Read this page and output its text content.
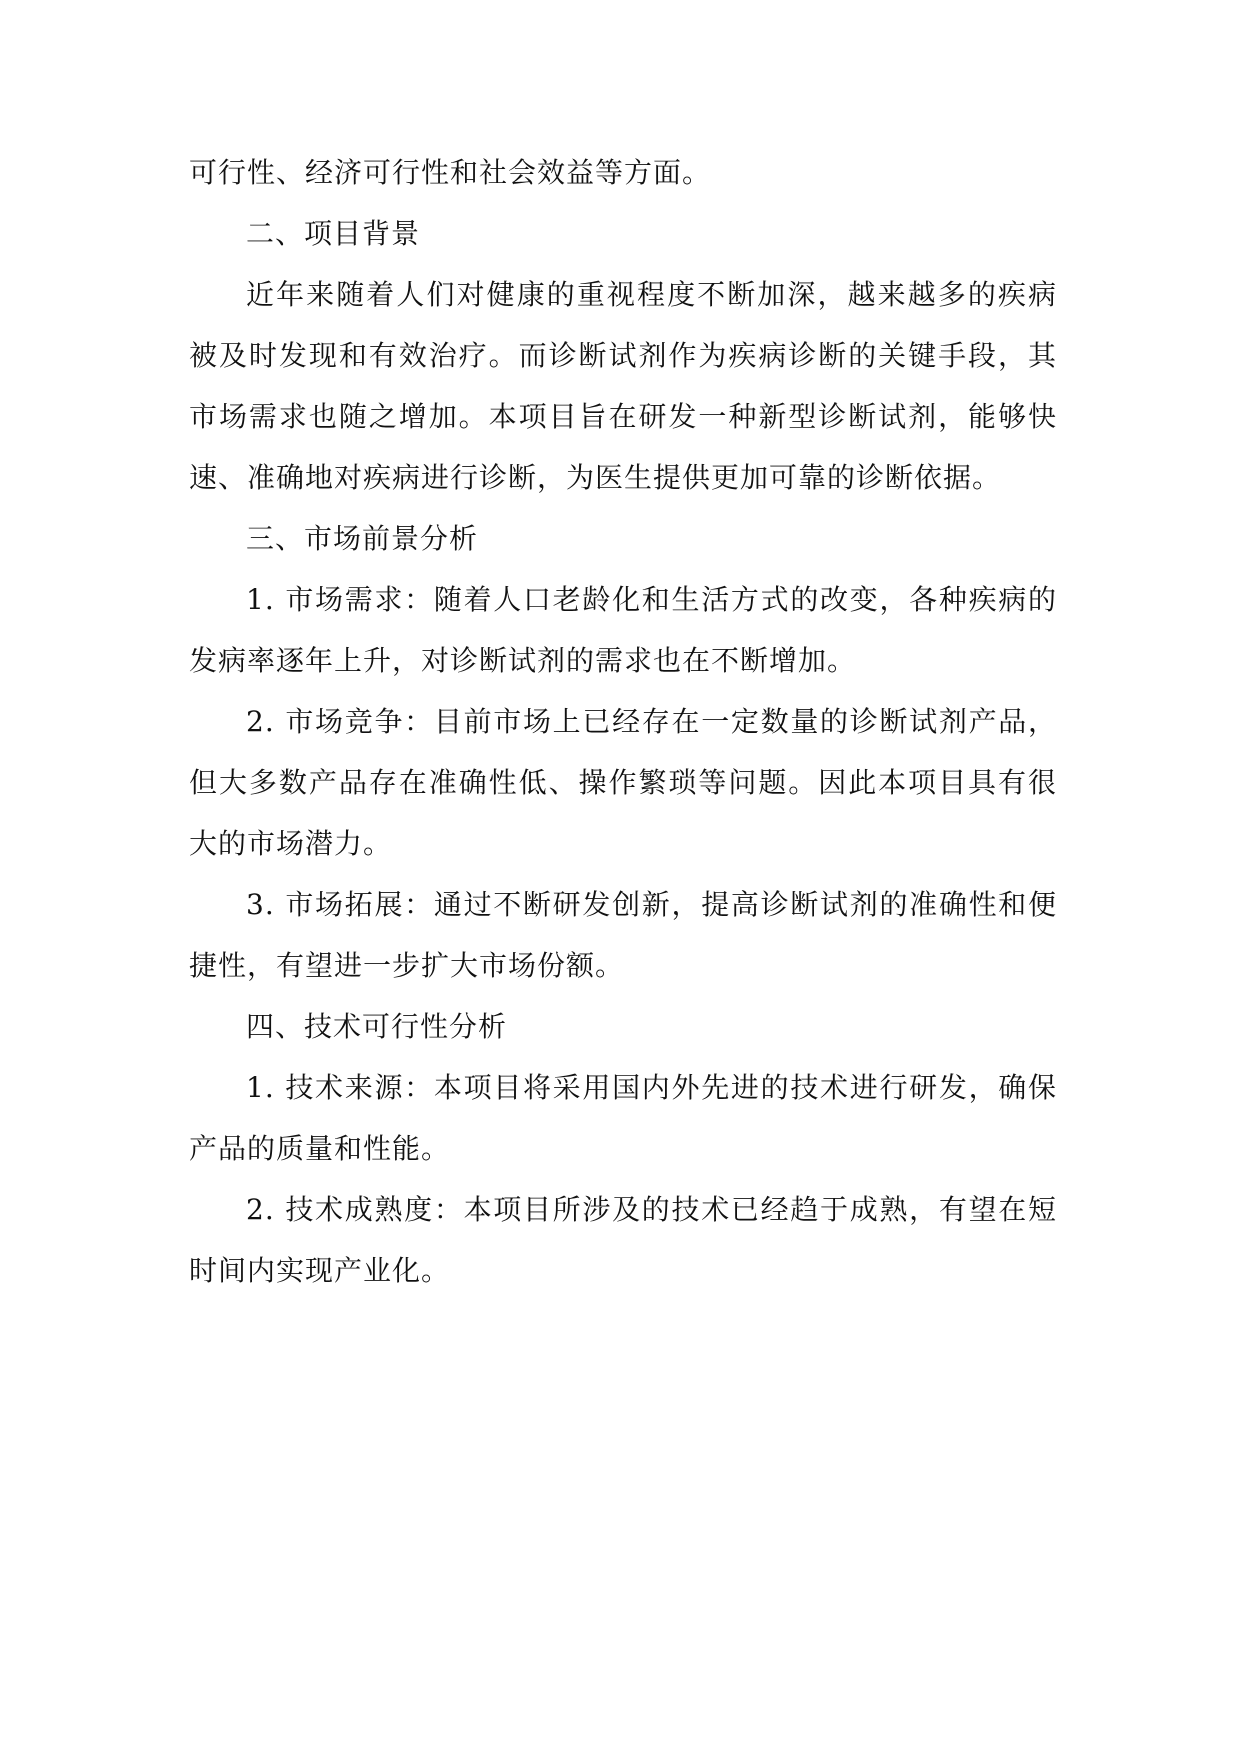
可行性、经济可行性和社会效益等方面。

二、项目背景

近年来随着人们对健康的重视程度不断加深，越来越多的疾病被及时发现和有效治疗。而诊断试剂作为疾病诊断的关键手段，其市场需求也随之增加。本项目旨在研发一种新型诊断试剂，能够快速、准确地对疾病进行诊断，为医生提供更加可靠的诊断依据。

三、市场前景分析

1. 市场需求：随着人口老龄化和生活方式的改变，各种疾病的发病率逐年上升，对诊断试剂的需求也在不断增加。

2. 市场竞争：目前市场上已经存在一定数量的诊断试剂产品，但大多数产品存在准确性低、操作繁琐等问题。因此本项目具有很大的市场潜力。

3. 市场拓展：通过不断研发创新，提高诊断试剂的准确性和便捷性，有望进一步扩大市场份额。

四、技术可行性分析

1. 技术来源：本项目将采用国内外先进的技术进行研发，确保产品的质量和性能。

2. 技术成熟度：本项目所涉及的技术已经趋于成熟，有望在短时间内实现产业化。
